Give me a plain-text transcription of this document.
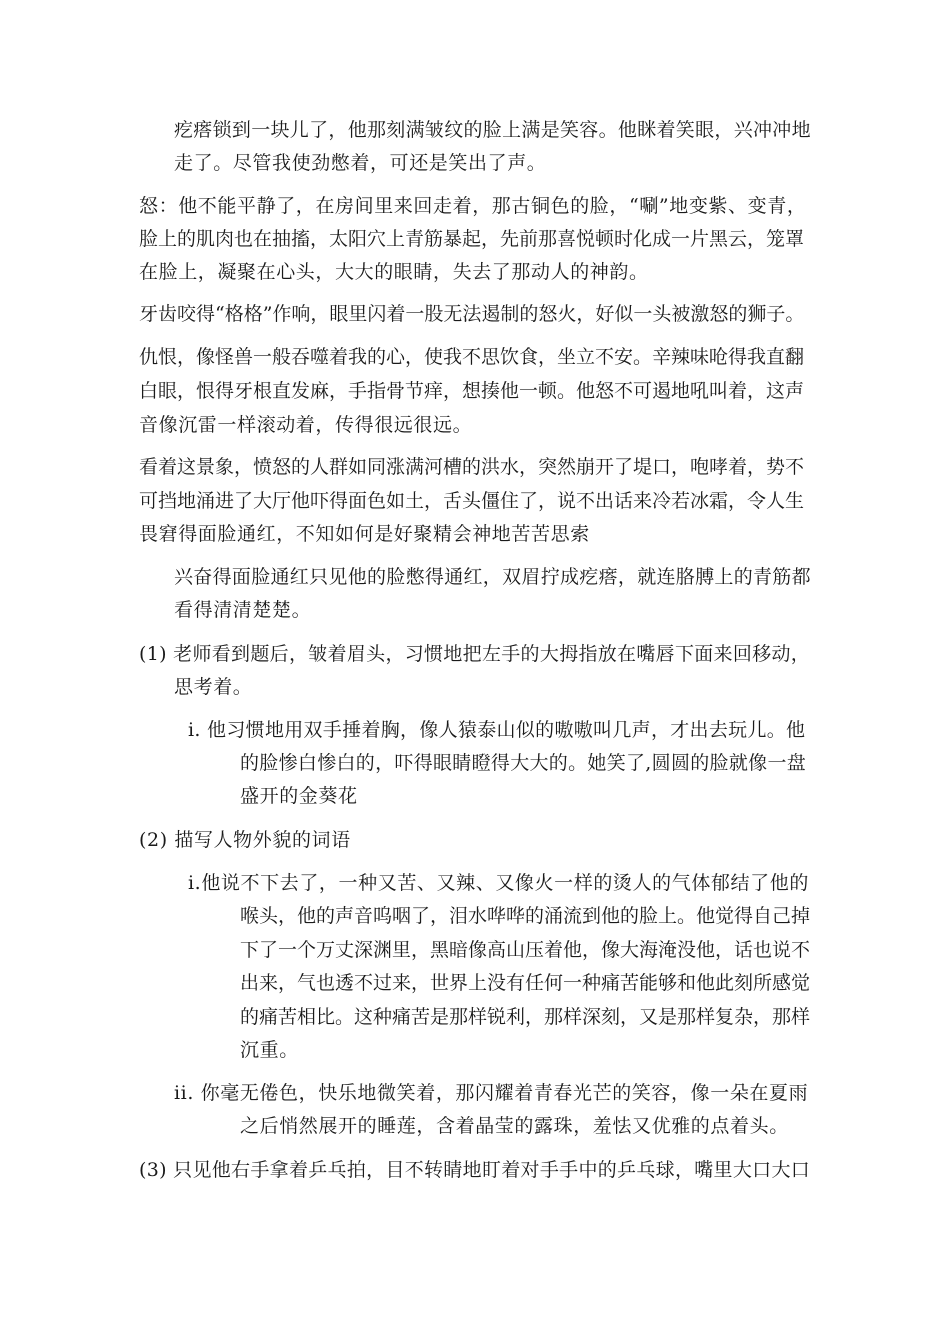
疙瘩锁到一块儿了，他那刻满皱纹的脸上满是笑容。他眯着笑眼，兴冲冲地
走了。尽管我使劲憋着，可还是笑出了声。
怒：他不能平静了，在房间里来回走着，那古铜色的脸，“唰”地变紫、变青，
脸上的肌肉也在抽搐，太阳穴上青筋暴起，先前那喜悦顿时化成一片黑云，笼罩
在脸上，凝聚在心头，大大的眼睛，失去了那动人的神韵。
牙齿咬得“格格”作响，眼里闪着一股无法遏制的怒火，好似一头被激怒的狮子。
仇恨，像怪兽一般吞噬着我的心，使我不思饮食，坐立不安。辛辣味呛得我直翻
白眼，恨得牙根直发麻，手指骨节痒，想揍他一顿。他怒不可遏地吼叫着，这声
音像沉雷一样滚动着，传得很远很远。
看着这景象，愤怒的人群如同涨满河槽的洪水，突然崩开了堤口，咆哮着，势不
可挡地涌进了大厅他吓得面色如土，舌头僵住了，说不出话来冷若冰霜，令人生
畏窘得面脸通红，不知如何是好聚精会神地苦苦思索
兴奋得面脸通红只见他的脸憋得通红，双眉拧成疙瘩，就连胳膊上的青筋都
看得清清楚楚。
(1) 老师看到题后，皱着眉头，习惯地把左手的大拇指放在嘴唇下面来回移动，
思考着。
i. 他习惯地用双手捶着胸，像人猿泰山似的嗷嗷叫几声，才出去玩儿。他
的脸惨白惨白的，吓得眼睛瞪得大大的。她笑了,圆圆的脸就像一盘
盛开的金葵花
(2) 描写人物外貌的词语
i.他说不下去了，一种又苦、又辣、又像火一样的烫人的气体郁结了他的
喉头，他的声音呜咽了，泪水哗哗的涌流到他的脸上。他觉得自己掉
下了一个万丈深渊里，黑暗像高山压着他，像大海淹没他，话也说不
出来，气也透不过来，世界上没有任何一种痛苦能够和他此刻所感觉
的痛苦相比。这种痛苦是那样锐利，那样深刻，又是那样复杂，那样
沉重。
ii. 你毫无倦色，快乐地微笑着，那闪耀着青春光芒的笑容，像一朵在夏雨
之后悄然展开的睡莲，含着晶莹的露珠，羞怯又优雅的点着头。
(3) 只见他右手拿着乒乓拍，目不转睛地盯着对手手中的乒乓球，嘴里大口大口
